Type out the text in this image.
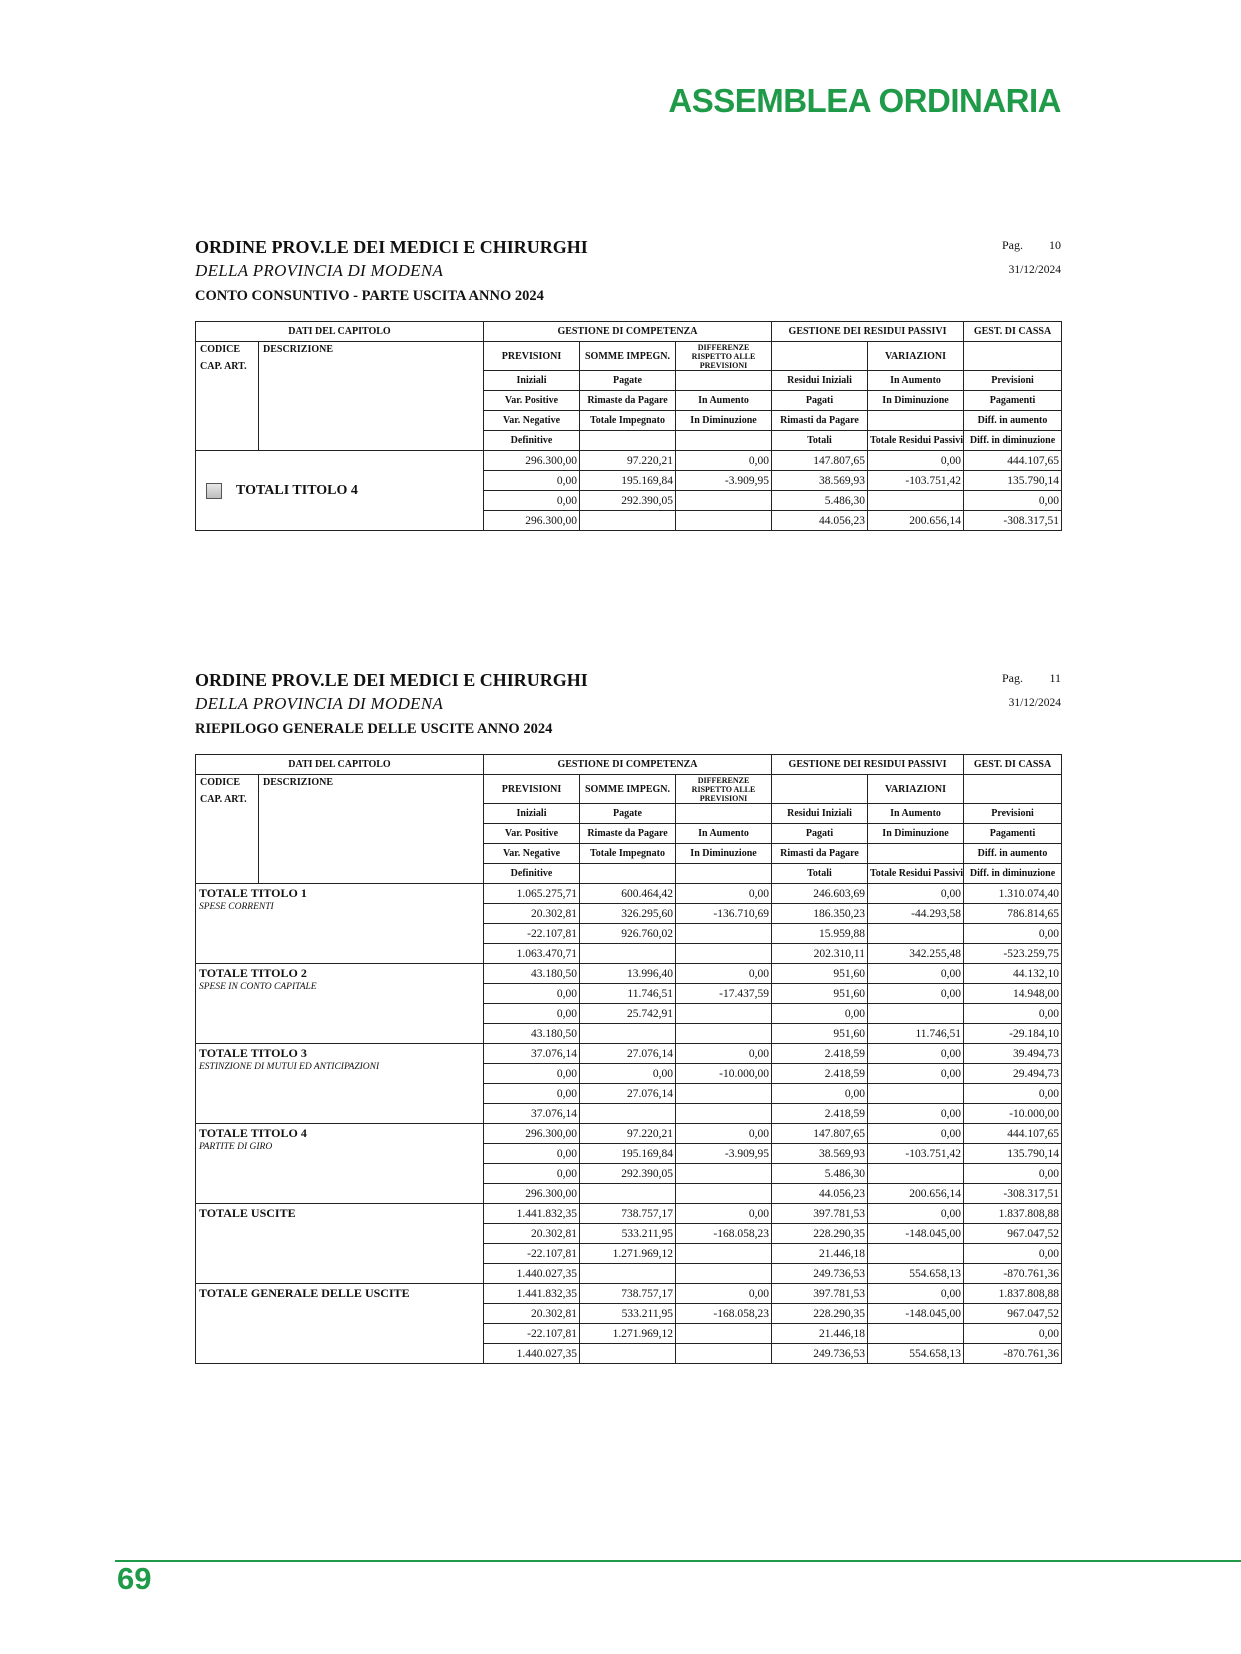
ASSEMBLEA ORDINARIA
ORDINE PROV.LE DEI MEDICI E CHIRURGHI
DELLA PROVINCIA DI MODENA
CONTO CONSUNTIVO - PARTE USCITA ANNO 2024
Pag. 10
31/12/2024
DATI DEL CAPITOLO		GESTIONE DI COMPETENZA			GESTIONE DEI RESIDUI PASSIVI		GEST. DI CASSA

CODICE
CAP. ART.	DESCRIZIONE	PREVISIONI	SOMME IMPEGN.	DIFFERENZE RISPETTO ALLE PREVISIONI		VARIAZIONI	
		Iniziali	Pagate		Residui Iniziali	In Aumento	Previsioni
		Var. Positive	Rimaste da Pagare	In Aumento	Pagati	In Diminuzione	Pagamenti
		Var. Negative	Totale Impegnato	In Diminuzione	Rimasti da Pagare		Diff. in aumento
		Definitive			Totali	Totale Residui Passivi	Diff. in diminuzione
TOTALI TITOLO 4		296.300,00	97.220,21	0,00	147.807,65	0,00	444.107,65
		0,00	195.169,84	-3.909,95	38.569,93	-103.751,42	135.790,14
		0,00	292.390,05		5.486,30		0,00
		296.300,00			44.056,23	200.656,14	-308.317,51
ORDINE PROV.LE DEI MEDICI E CHIRURGHI
DELLA PROVINCIA DI MODENA
RIEPILOGO GENERALE DELLE USCITE ANNO 2024
Pag. 11
31/12/2024
DATI DEL CAPITOLO		GESTIONE DI COMPETENZA			GESTIONE DEI RESIDUI PASSIVI		GEST. DI CASSA

CODICE
CAP. ART.	DESCRIZIONE	PREVISIONI	SOMME IMPEGN.	DIFFERENZE RISPETTO ALLE PREVISIONI		VARIAZIONI	
		Iniziali	Pagate		Residui Iniziali	In Aumento	Previsioni
		Var. Positive	Rimaste da Pagare	In Aumento	Pagati	In Diminuzione	Pagamenti
		Var. Negative	Totale Impegnato	In Diminuzione	Rimasti da Pagare		Diff. in aumento
		Definitive			Totali	Totale Residui Passivi	Diff. in diminuzione

TOTALE TITOLO 1
SPESE CORRENTI		1.065.275,71	600.464,42	0,00	246.603,69	0,00	1.310.074,40
		20.302,81	326.295,60	-136.710,69	186.350,23	-44.293,58	786.814,65
		-22.107,81	926.760,02		15.959,88		0,00
		1.063.470,71			202.310,11	342.255,48	-523.259,75

TOTALE TITOLO 2
SPESE IN CONTO CAPITALE		43.180,50	13.996,40	0,00	951,60	0,00	44.132,10
		0,00	11.746,51	-17.437,59	951,60	0,00	14.948,00
		0,00	25.742,91		0,00		0,00
		43.180,50			951,60	11.746,51	-29.184,10

TOTALE TITOLO 3
ESTINZIONE DI MUTUI ED ANTICIPAZIONI		37.076,14	27.076,14	0,00	2.418,59	0,00	39.494,73
		0,00	0,00	-10.000,00	2.418,59	0,00	29.494,73
		0,00	27.076,14		0,00		0,00
		37.076,14			2.418,59	0,00	-10.000,00

TOTALE TITOLO 4
PARTITE DI GIRO		296.300,00	97.220,21	0,00	147.807,65	0,00	444.107,65
		0,00	195.169,84	-3.909,95	38.569,93	-103.751,42	135.790,14
		0,00	292.390,05		5.486,30		0,00
		296.300,00			44.056,23	200.656,14	-308.317,51

TOTALE USCITE		1.441.832,35	738.757,17	0,00	397.781,53	0,00	1.837.808,88
		20.302,81	533.211,95	-168.058,23	228.290,35	-148.045,00	967.047,52
		-22.107,81	1.271.969,12		21.446,18		0,00
		1.440.027,35			249.736,53	554.658,13	-870.761,36

TOTALE GENERALE DELLE USCITE		1.441.832,35	738.757,17	0,00	397.781,53	0,00	1.837.808,88
		20.302,81	533.211,95	-168.058,23	228.290,35	-148.045,00	967.047,52
		-22.107,81	1.271.969,12		21.446,18		0,00
		1.440.027,35			249.736,53	554.658,13	-870.761,36
69
